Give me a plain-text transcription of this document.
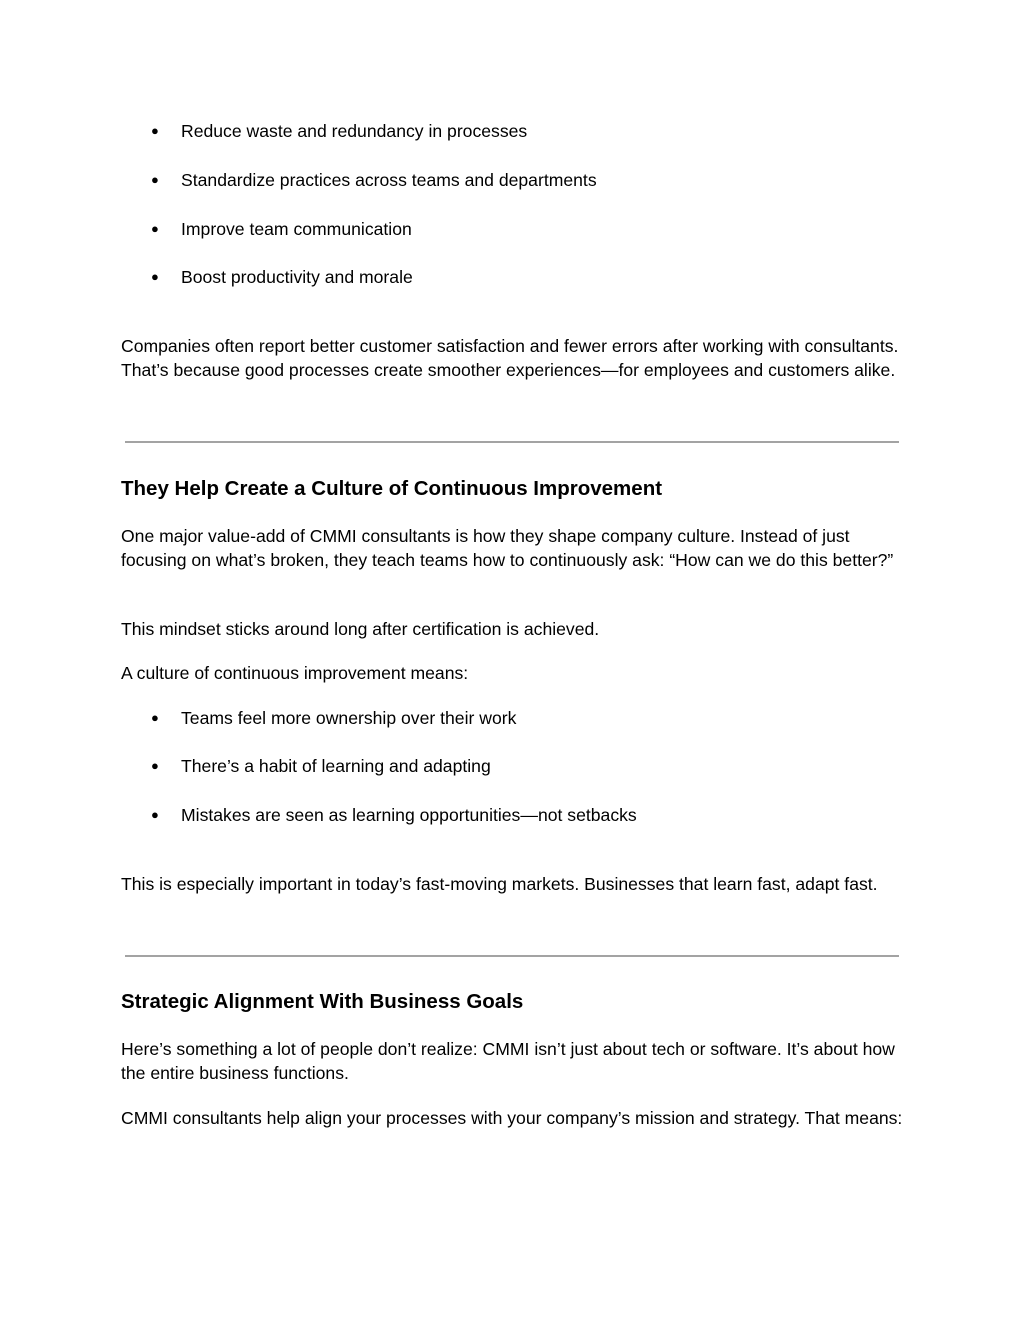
● Reduce waste and redundancy in processes
● Standardize practices across teams and departments
● Improve team communication
● Boost productivity and morale

Companies often report better customer satisfaction and fewer errors after working with consultants. That’s because good processes create smoother experiences—for employees and customers alike.

They Help Create a Culture of Continuous Improvement

One major value-add of CMMI consultants is how they shape company culture. Instead of just focusing on what’s broken, they teach teams how to continuously ask: “How can we do this better?”

This mindset sticks around long after certification is achieved.

A culture of continuous improvement means:

● Teams feel more ownership over their work
● There’s a habit of learning and adapting
● Mistakes are seen as learning opportunities—not setbacks

This is especially important in today’s fast-moving markets. Businesses that learn fast, adapt fast.

Strategic Alignment With Business Goals

Here’s something a lot of people don’t realize: CMMI isn’t just about tech or software. It’s about how the entire business functions.

CMMI consultants help align your processes with your company’s mission and strategy. That means:
